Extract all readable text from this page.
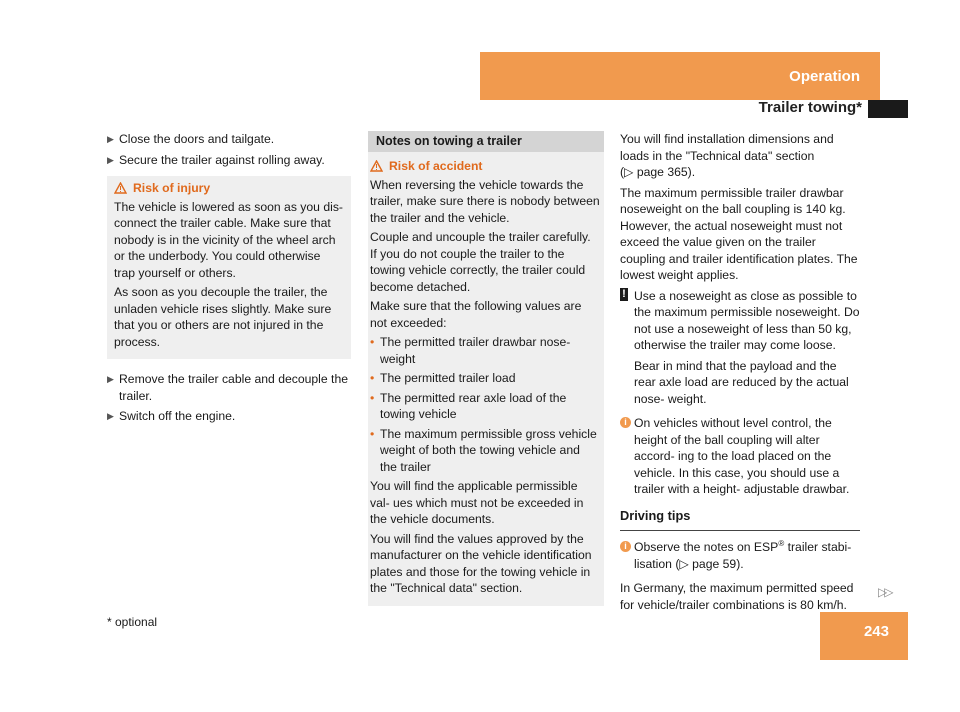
Operation
Trailer towing*
▶ Close the doors and tailgate.
▶ Secure the trailer against rolling away.
Risk of injury

The vehicle is lowered as soon as you dis- connect the trailer cable. Make sure that nobody is in the vicinity of the wheel arch or the underbody. You could otherwise trap yourself or others.

As soon as you decouple the trailer, the unladen vehicle rises slightly. Make sure that you or others are not injured in the process.

▶ Remove the trailer cable and decouple the trailer.
▶ Switch off the engine.
Notes on towing a trailer
Risk of accident

When reversing the vehicle towards the trailer, make sure there is nobody between the trailer and the vehicle.

Couple and uncouple the trailer carefully. If you do not couple the trailer to the towing vehicle correctly, the trailer could become detached.

Make sure that the following values are not exceeded:

• The permitted trailer drawbar nose- weight
• The permitted trailer load
• The permitted rear axle load of the towing vehicle
• The maximum permissible gross vehicle weight of both the towing vehicle and the trailer

You will find the applicable permissible val- ues which must not be exceeded in the vehicle documents.

You will find the values approved by the manufacturer on the vehicle identification plates and those for the towing vehicle in the "Technical data" section.

You will find installation dimensions and loads in the "Technical data" section
(▷ page 365).

The maximum permissible trailer drawbar noseweight on the ball coupling is 140 kg. However, the actual noseweight must not exceed the value given on the trailer coupling and trailer identification plates. The lowest weight applies.

! Use a noseweight as close as possible to the maximum permissible noseweight. Do not use a noseweight of less than 50 kg, otherwise the trailer may come loose.

Bear in mind that the payload and the rear axle load are reduced by the actual nose- weight.

i On vehicles without level control, the height of the ball coupling will alter accord- ing to the load placed on the vehicle. In this case, you should use a trailer with a height- adjustable drawbar.

Driving tips
i Observe the notes on ESP® trailer stabi- lisation (▷ page 59).

In Germany, the maximum permitted speed for vehicle/trailer combinations is 80 km/h.

▷▷
* optional
243
